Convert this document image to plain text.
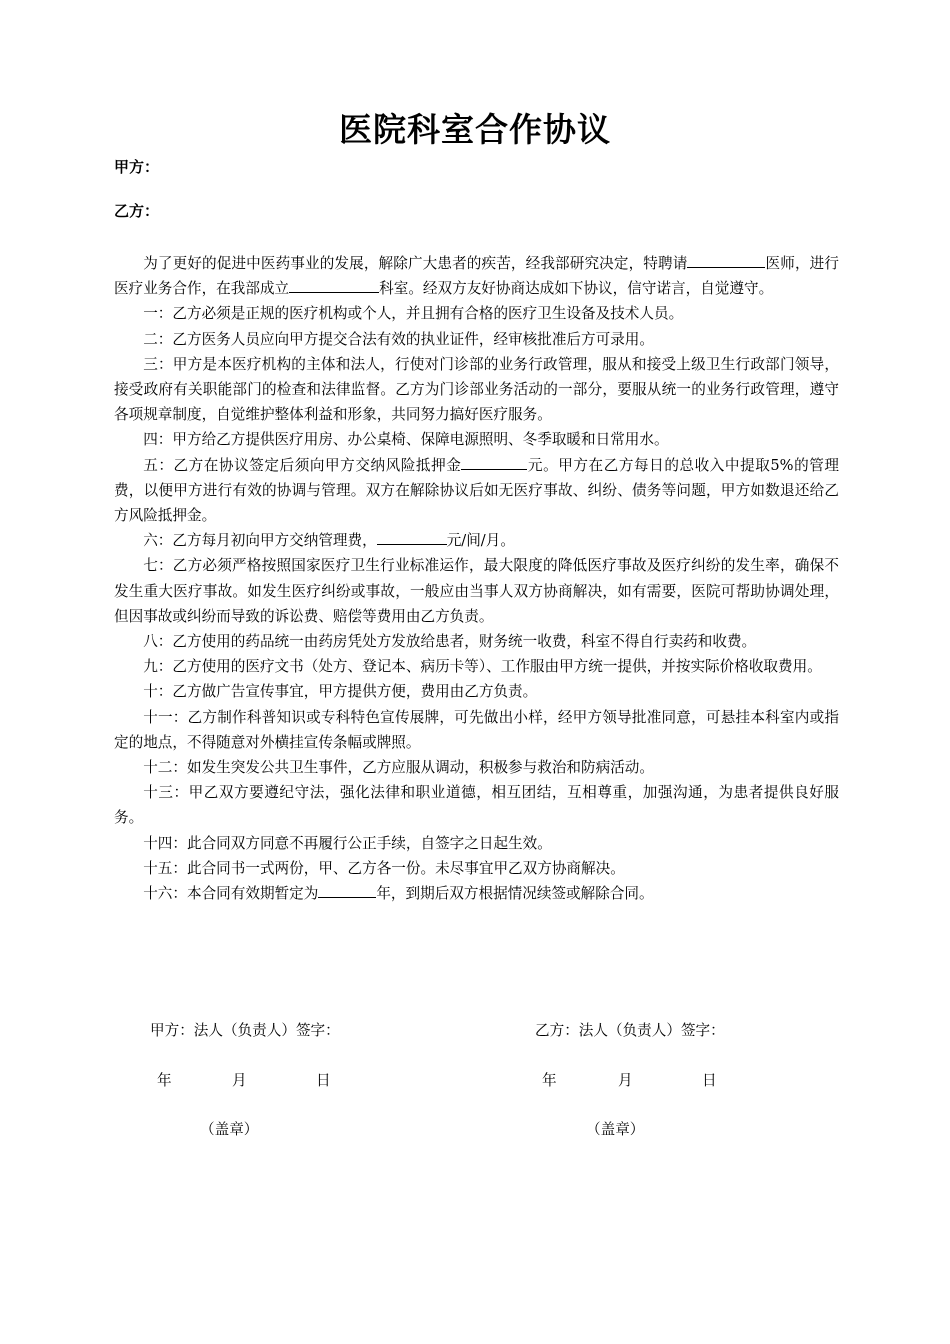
医院科室合作协议
甲方：
乙方：

为了更好的促进中医药事业的发展，解除广大患者的疾苦，经我部研究决定，特聘请	医师，进行医疗业务合作，在我部成立	科室。经双方友好协商达成如下协议，信守诺言，自觉遵守。

一：乙方必须是正规的医疗机构或个人，并且拥有合格的医疗卫生设备及技术人员。

二：乙方医务人员应向甲方提交合法有效的执业证件，经审核批准后方可录用。

三：甲方是本医疗机构的主体和法人，行使对门诊部的业务行政管理，服从和接受上级卫生行政部门领导，接受政府有关职能部门的检查和法律监督。乙方为门诊部业务活动的一部分，要服从统一的业务行政管理，遵守各项规章制度，自觉维护整体利益和形象，共同努力搞好医疗服务。

四：甲方给乙方提供医疗用房、办公桌椅、保障电源照明、冬季取暖和日常用水。

五：乙方在协议签定后须向甲方交纳风险抵押金	元。甲方在乙方每日的总收入中提取5%的管理费，以便甲方进行有效的协调与管理。双方在解除协议后如无医疗事故、纠纷、债务等问题，甲方如数退还给乙方风险抵押金。

六：乙方每月初向甲方交纳管理费，	元/间/月。

七：乙方必须严格按照国家医疗卫生行业标准运作，最大限度的降低医疗事故及医疗纠纷的发生率，确保不发生重大医疗事故。如发生医疗纠纷或事故，一般应由当事人双方协商解决，如有需要，医院可帮助协调处理，但因事故或纠纷而导致的诉讼费、赔偿等费用由乙方负责。

八：乙方使用的药品统一由药房凭处方发放给患者，财务统一收费，科室不得自行卖药和收费。

九：乙方使用的医疗文书（处方、登记本、病历卡等）、工作服由甲方统一提供，并按实际价格收取费用。

十：乙方做广告宣传事宜，甲方提供方便，费用由乙方负责。

十一：乙方制作科普知识或专科特色宣传展牌，可先做出小样，经甲方领导批准同意，可悬挂本科室内或指定的地点，不得随意对外横挂宣传条幅或牌照。

十二：如发生突发公共卫生事件，乙方应服从调动，积极参与救治和防病活动。

十三：甲乙双方要遵纪守法，强化法律和职业道德，相互团结，互相尊重，加强沟通，为患者提供良好服务。

十四：此合同双方同意不再履行公正手续，自签字之日起生效。

十五：此合同书一式两份，甲、乙方各一份。未尽事宜甲乙双方协商解决。

十六：本合同有效期暂定为	年，到期后双方根据情况续签或解除合同。

甲方：法人（负责人）签字：	乙方：法人（负责人）签字：
年	月	日	年	月	日
（盖章）	（盖章）
